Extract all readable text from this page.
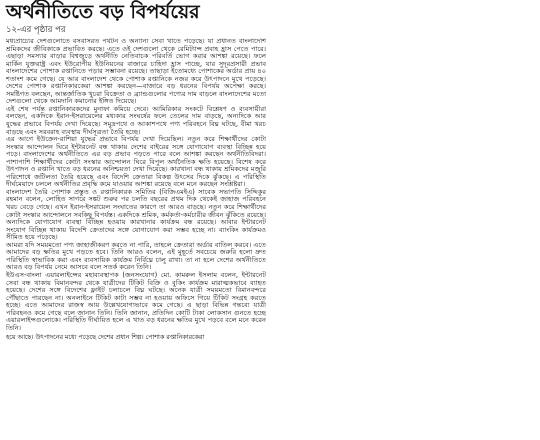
অর্থনীতিতে বড় বিপর্যয়ের
১২-এর পৃষ্ঠার পর

মধ্যপ্রাচ্যের দেশগুলোতে বসবাসরত পর্যটন ও অন্যান্য সেবা খাতে পড়েছে। যা প্রধানত বাংলাদেশি শ্রমিকদের জীবিকাকে প্রভাবিত করছে। এতে ওই দেশগুলো থেকে রেমিট্যান্স প্রবাহ হ্রাস পেতে পারে। এছাড়া সমস্যার বাড়ার বিশ্বজুড়ে অর্থনীতি নেতিবাচক পরিবর্তি ভোগ করার আশঙ্কা রয়েছে। ফলে মার্কিন যুক্তরাষ্ট্র এবং ইউরোপীয় ইউনিয়নের বাজারে চাহিদা হ্রাস পাচ্ছে, যার সুদূরপ্রসারী প্রভাব বাংলাদেশের পোশাক রপ্তানিতে পড়ার সম্ভাবনা রয়েছে। তাছাড়া ইতোমধ্যে পোশাকের অর্ডার প্রায় ৪০ শতাংশ কমে গেছে। যে আর বাংলাদেশ থেকে পোশাক রপ্তানিকে নজর করে উৎপাদনে মুখে পড়েছে। দেশের পোশাক রপ্তানিকারকেরা আশঙ্কা করছেন—বাজারে বড় ধরনের বিপর্যয় অপেক্ষা করছে। সমষ্টিগত বলছেন, আন্তর্জাতিক খুচরা বিক্রেতা ও ব্র্যান্ডগুলোর পণ্যের দাম বাড়লে বাংলাদেশের মতো দেশগুলো থেকে আমদানি কমানোর ইঙ্গিত দিয়েছে।

এই শেষ পর্যন্ত রপ্তানিকারকদের মুনাফা কমিয়ে দেবে। আমিরিকার সংকটে বিশ্লেষণ ও ব্যবসায়ীরা বলছেন, একদিকে ইরান-ইসরায়েলের মধ্যকার সংঘর্ষের ফলে তেলের দাম বাড়ছে, অন্যদিকে আর যুদ্ধের প্রভাবে বিপর্যয় দেখা দিয়েছে। সমুদ্রপথে ও আকাশপথে পণ্য পরিবহনে বিঘ্ন ঘটছে, বীমা খরচ বাড়ছে এবং সরবরাহ ব্যবস্থায় দীর্ঘসূত্রতা তৈরি হচ্ছে।

এর আগে ইউক্রেন-রাশিয়া যুদ্ধের প্রভাবে বিপর্যয় দেখা দিয়েছিল। নতুন করে শিক্ষার্থীদের কোটা সংস্কার আন্দোলন ঘিরে ইন্টারনেট বন্ধ থাকায় দেশের বাইরের সঙ্গে যোগাযোগ ব্যবস্থা বিচ্ছিন্ন হয়ে পড়ে। বাংলাদেশের অর্থনীতিতে এর বড় প্রভাব পড়তে পারে বলে আশঙ্কা করছেন অর্থনীতিবিদরা। পাশাপাশি শিক্ষার্থীদের কোটা সংস্কার আন্দোলন ঘিরে বিপুল অর্থনৈতিক ক্ষতি হয়েছে। বিশেষ করে উৎপাদন ও রপ্তানি খাতে বড় ধরনের অনিশ্চয়তা দেখা দিয়েছে। কারখানা বন্ধ থাকায় শ্রমিকদের মজুরি পরিশোধে জটিলতা তৈরি হয়েছে এবং বিদেশি ক্রেতারা বিকল্প উৎসের দিকে ঝুঁকছে। এ পরিস্থিতি দীর্ঘমেয়াদে চললে অর্থনীতির প্রবৃদ্ধি কমে যাওয়ার আশঙ্কা রয়েছে বলে মনে করছেন সংশ্লিষ্টরা।

বাংলাদেশ তৈরি পোশাক প্রস্তুত ও রপ্তানিকারক সমিতির (বিজিএমইএ) সাবেক সভাপতি সিদ্দিকুর রহমান বলেন, লোহিত সাগরে সঙ্কট শুরুর পর চলতি বছরের প্রথম দিক থেকেই জাহাজ পরিবহনে খরচ বেড়ে গেছে। এখন ইরান-ইসরায়েল সংঘাতের কারণে তা আরও বাড়ছে। নতুন করে শিক্ষার্থীদের কোটা সংস্কার আন্দোলনে সবকিছু বিপর্যস্ত। একদিকে শ্রমিক, কর্মকর্তা-কর্মচারীর জীবন ঝুঁকিতে রয়েছে। অন্যদিকে যোগাযোগ ব্যবস্থা বিচ্ছিন্ন হওয়ায় কারখানার কার্যক্রম বন্ধ রয়েছে। আবার ইন্টারনেট সংযোগ বিচ্ছিন্ন থাকায় বিদেশি ক্রেতাদের সঙ্গে যোগাযোগ করা সম্ভব হচ্ছে না। ব্যাংকিং কার্যক্রমও সীমিত হয়ে পড়েছে।

আমরা যদি সময়মতো পণ্য জাহাজীকরণ করতে না পারি, তাহলে ক্রেতারা অর্ডার বাতিল করবে। এতে আমাদের বড় ক্ষতির মুখে পড়তে হবে। তিনি আরও বলেন, এই মুহূর্তে সবচেয়ে জরুরি হলো দ্রুত পরিস্থিতি স্বাভাবিক করা এবং ব্যবসায়িক কার্যক্রম নির্বিঘ্নে চালু রাখা। তা না হলে দেশের অর্থনীতিতে আরও বড় বিপর্যয় নেমে আসবে বলে সতর্ক করেন তিনি।

ইউএস-বাংলা এয়ারলাইন্সের মহাব্যবস্থাপক (জনসংযোগ) মো. কামরুল ইসলাম বলেন, ইন্টারনেট সেবা বন্ধ থাকায় বিমানবন্দর থেকে যাত্রীদের টিকিট বিক্রি ও বুকিং কার্যক্রম মারাত্মকভাবে ব্যাহত হয়েছে। দেশের সঙ্গে বিদেশের ফ্লাইট চলাচলে বিঘ্ন ঘটছে। অনেক যাত্রী সময়মতো বিমানবন্দরে পৌঁছাতে পারছেন না। অনলাইনে টিকিট কাটা সম্ভব না হওয়ায় অফিসে গিয়ে টিকিট সংগ্রহ করতে হচ্ছে। এতে আমাদের রাজস্ব আয় উল্লেখযোগ্যভাবে কমে গেছে। এ ছাড়া বিভিন্ন গন্তব্যে যাত্রী পরিবহনও কমে গেছে বলে জানান তিনি। তিনি জানান, প্রতিদিন কোটি টাকা লোকসান গুনতে হচ্ছে এয়ারলাইন্সগুলোকে। পরিস্থিতি দীর্ঘায়িত হলে এ খাত বড় ধরনের ক্ষতির মুখে পড়বে বলে মনে করেন তিনি।

হয়ে আছে। উৎপাদনের মধ্যে পড়েছে দেশের প্রধান শিল্প। পোশাক রপ্তানিকারকেরা
